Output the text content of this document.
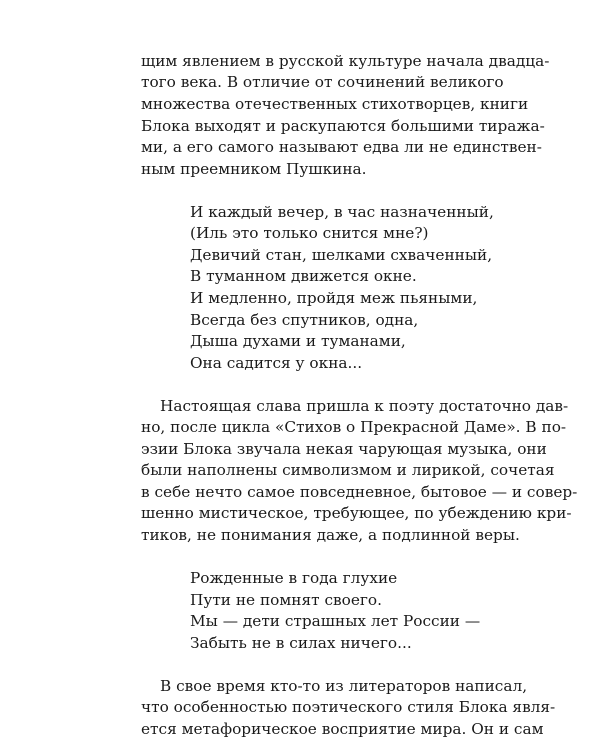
щим явлением в русской культуре начала двадца-
того века. В отличие от сочинений великого
множества отечественных стихотворцев, книги
Блока выходят и раскупаются большими тиража-
ми, а его самого называют едва ли не единствен-
ным преемником Пушкина.
И каждый вечер, в час назначенный,
(Иль это только снится мне?)
Девичий стан, шелками схваченный,
В туманном движется окне.
И медленно, пройдя меж пьяными,
Всегда без спутников, одна,
Дыша духами и туманами,
Она садится у окна...
Настоящая слава пришла к поэту достаточно дав-
но, после цикла «Стихов о Прекрасной Даме». В по-
эзии Блока звучала некая чарующая музыка, они
были наполнены символизмом и лирикой, сочетая
в себе нечто самое повседневное, бытовое — и совер-
шенно мистическое, требующее, по убеждению кри-
тиков, не понимания даже, а подлинной веры.
Рожденные в года глухие
Пути не помнят своего.
Мы — дети страшных лет России —
Забыть не в силах ничего...
В свое время кто-то из литераторов написал,
что особенностью поэтического стиля Блока явля-
ется метафорическое восприятие мира. Он и сам
